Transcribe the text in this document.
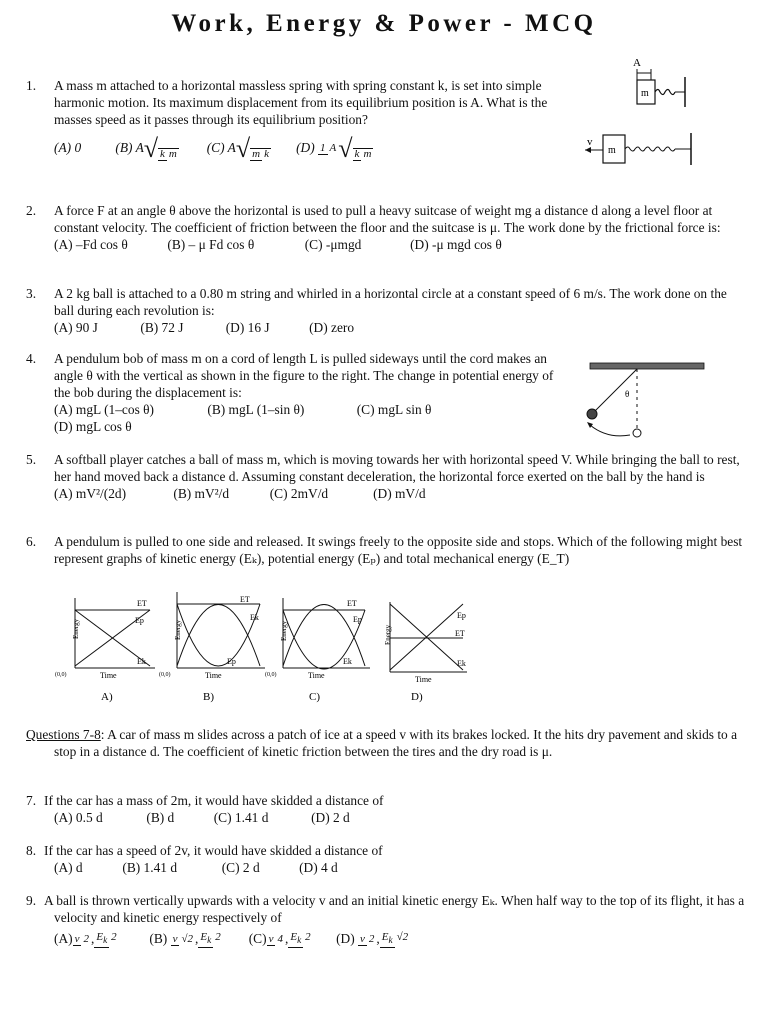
Work, Energy & Power - MCQ
1. A mass m attached to a horizontal massless spring with spring constant k, is set into simple harmonic motion. Its maximum displacement from its equilibrium position is A. What is the masses speed as it passes through its equilibrium position?
(A) 0	(B) A√ k m (C) A√ m k (D) 1 A√ k m
A
m
v
m
2. A force F at an angle θ above the horizontal is used to pull a heavy suitcase of weight mg a distance d along a level floor at constant velocity. The coefficient of friction between the floor and the suitcase is μ. The work done by the frictional force is:
(A) –Fd cos θ	(B) – μ Fd cos θ	(C) -μmgd	(D) -μ mgd cos θ
3. A 2 kg ball is attached to a 0.80 m string and whirled in a horizontal circle at a constant speed of 6 m/s. The work done on the ball during each revolution is:
(A) 90 J	(B) 72 J	(D) 16 J	(D) zero
4. A pendulum bob of mass m on a cord of length L is pulled sideways until the cord makes an angle θ with the vertical as shown in the figure to the right. The change in potential energy of the bob during the displacement is:
(A) mgL (1–cos θ)	(B) mgL (1–sin θ)	(C) mgL sin θ
(D) mgL cos θ
θ
5. A softball player catches a ball of mass m, which is moving towards her with horizontal speed V. While bringing the ball to rest, her hand moved back a distance d. Assuming constant deceleration, the horizontal force exerted on the ball by the hand is
(A) mV²/(2d)	(B) mV²/d	(C) 2mV/d	(D) mV/d
6. A pendulum is pulled to one side and released. It swings freely to the opposite side and stops. Which of the following might best represent graphs of kinetic energy (Eₖ), potential energy (Eₚ) and total mechanical energy (E_T)
ET
Ep
Ek
Energy
Time
(0,0)
A)
ET
Ek
Ep
Energy
Time
(0,0)
B)
ET
Ep
Ek
Energy
Time
(0,0)
C)
Ep
ET
Ek
Energy
Time
D)
Questions 7-8: A car of mass m slides across a patch of ice at a speed v with its brakes locked. It the hits dry pavement and skids to a stop in a distance d. The coefficient of kinetic friction between the tires and the dry road is μ.
7. If the car has a mass of 2m, it would have skidded a distance of
(A) 0.5 d	(B) d	(C) 1.41 d	(D) 2 d
8. If the car has a speed of 2v, it would have skidded a distance of
(A) d	(B) 1.41 d	(C) 2 d	(D) 4 d
9. A ball is thrown vertically upwards with a velocity v and an initial kinetic energy Eₖ. When half way to the top of its flight, it has a velocity and kinetic energy respectively of
(A) v 2 , $E_k$ 2 (B) v √2 , $E_k$ 2 (C) v 4 , $E_k$ 2 (D) v 2 , $E_k$ √2
